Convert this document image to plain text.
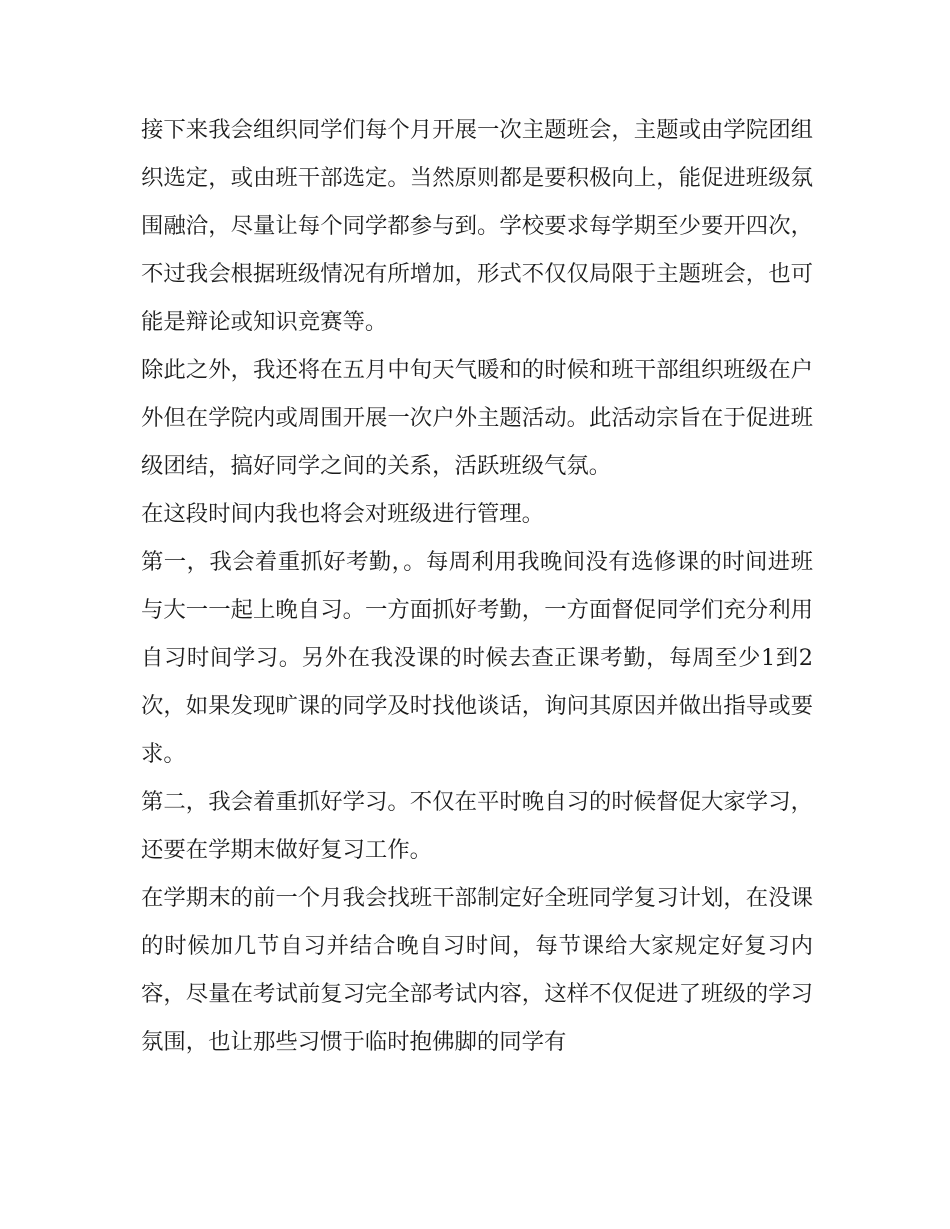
接下来我会组织同学们每个月开展一次主题班会，主题或由学院团组织选定，或由班干部选定。当然原则都是要积极向上，能促进班级氛围融洽，尽量让每个同学都参与到。学校要求每学期至少要开四次，不过我会根据班级情况有所增加，形式不仅仅局限于主题班会，也可能是辩论或知识竞赛等。

除此之外，我还将在五月中旬天气暖和的时候和班干部组织班级在户外但在学院内或周围开展一次户外主题活动。此活动宗旨在于促进班级团结，搞好同学之间的关系，活跃班级气氛。

在这段时间内我也将会对班级进行管理。

第一，我会着重抓好考勤，。每周利用我晚间没有选修课的时间进班与大一一起上晚自习。一方面抓好考勤，一方面督促同学们充分利用自习时间学习。另外在我没课的时候去查正课考勤，每周至少1到2次，如果发现旷课的同学及时找他谈话，询问其原因并做出指导或要求。

第二，我会着重抓好学习。不仅在平时晚自习的时候督促大家学习，还要在学期末做好复习工作。

在学期末的前一个月我会找班干部制定好全班同学复习计划，在没课的时候加几节自习并结合晚自习时间，每节课给大家规定好复习内容，尽量在考试前复习完全部考试内容，这样不仅促进了班级的学习氛围，也让那些习惯于临时抱佛脚的同学有
